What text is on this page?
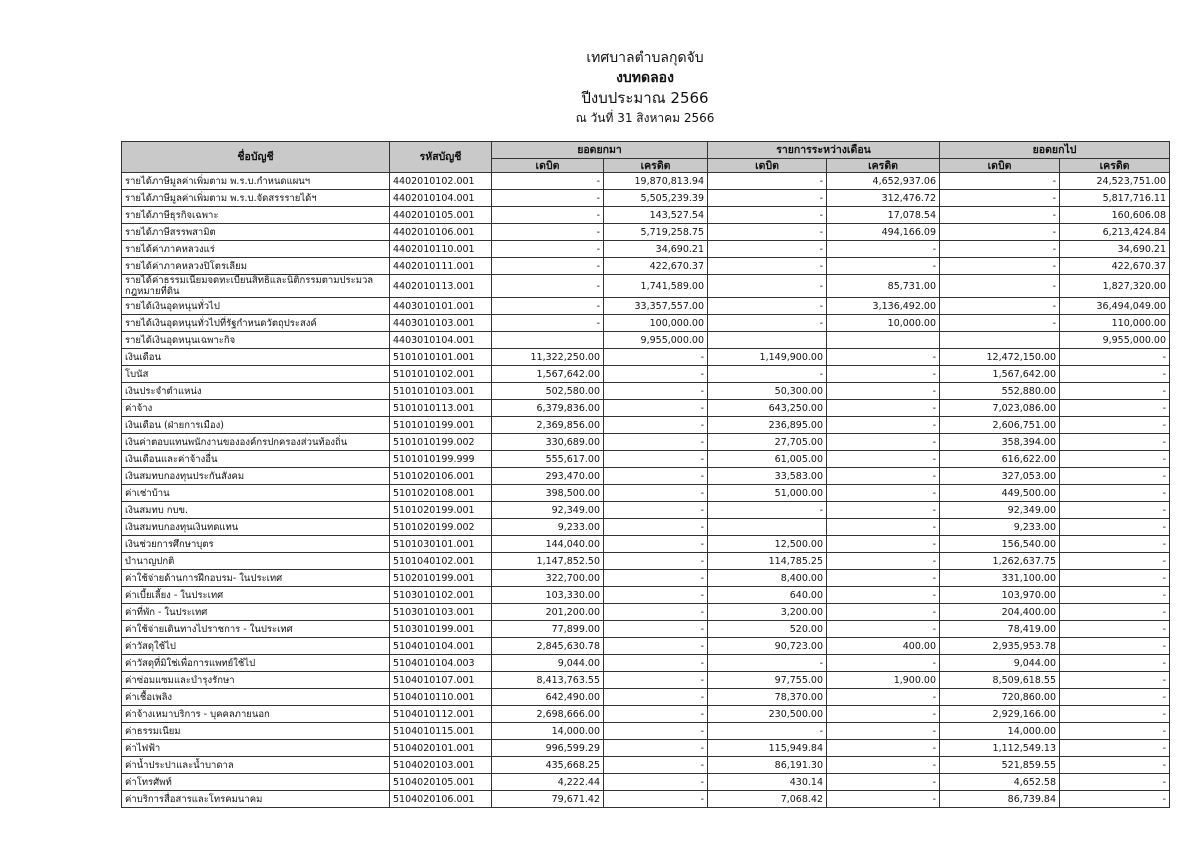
เทศบาลตำบลกุดจับ
งบทดลอง
ปีงบประมาณ 2566
ณ วันที่ 31 สิงหาคม 2566
ชื่อบัญชี	รหัสบัญชี	ยอดยกมา		รายการระหว่างเดือน		ยอดยกไป	
		เดบิต	เครดิต	เดบิต	เครดิต	เดบิต	เครดิต
รายได้ภาษีมูลค่าเพิ่มตาม พ.ร.บ.กำหนดแผนฯ	4402010102.001	-	19,870,813.94	-	4,652,937.06	-	24,523,751.00
รายได้ภาษีมูลค่าเพิ่มตาม พ.ร.บ.จัดสรรรายได้ฯ	4402010104.001	-	5,505,239.39	-	312,476.72	-	5,817,716.11
รายได้ภาษีธุรกิจเฉพาะ	4402010105.001	-	143,527.54	-	17,078.54	-	160,606.08
รายได้ภาษีสรรพสามิต	4402010106.001	-	5,719,258.75	-	494,166.09	-	6,213,424.84
รายได้ค่าภาคหลวงแร่	4402010110.001	-	34,690.21	-	-	-	34,690.21
รายได้ค่าภาคหลวงปิโตรเลียม	4402010111.001	-	422,670.37	-	-	-	422,670.37
รายได้ค่าธรรมเนียมจดทะเบียนสิทธิและนิติกรรมตามประมวลกฎหมายที่ดิน	4402010113.001	-	1,741,589.00	-	85,731.00	-	1,827,320.00
รายได้เงินอุดหนุนทั่วไป	4403010101.001	-	33,357,557.00	-	3,136,492.00	-	36,494,049.00
รายได้เงินอุดหนุนทั่วไปที่รัฐกำหนดวัตถุประสงค์	4403010103.001	-	100,000.00	-	10,000.00	-	110,000.00
รายได้เงินอุดหนุนเฉพาะกิจ	4403010104.001		9,955,000.00				9,955,000.00
เงินเดือน	5101010101.001	11,322,250.00	-	1,149,900.00	-	12,472,150.00	-
โบนัส	5101010102.001	1,567,642.00	-	-	-	1,567,642.00	-
เงินประจำตำแหน่ง	5101010103.001	502,580.00	-	50,300.00	-	552,880.00	-
ค่าจ้าง	5101010113.001	6,379,836.00	-	643,250.00	-	7,023,086.00	-
เงินเดือน (ฝ่ายการเมือง)	5101010199.001	2,369,856.00	-	236,895.00	-	2,606,751.00	-
เงินค่าตอบแทนพนักงานขององค์กรปกครองส่วนท้องถิ่น	5101010199.002	330,689.00	-	27,705.00	-	358,394.00	-
เงินเดือนและค่าจ้างอื่น	5101010199.999	555,617.00	-	61,005.00	-	616,622.00	-
เงินสมทบกองทุนประกันสังคม	5101020106.001	293,470.00	-	33,583.00	-	327,053.00	-
ค่าเช่าบ้าน	5101020108.001	398,500.00	-	51,000.00	-	449,500.00	-
เงินสมทบ กบข.	5101020199.001	92,349.00	-	-	-	92,349.00	-
เงินสมทบกองทุนเงินทดแทน	5101020199.002	9,233.00	-		-	9,233.00	-
เงินช่วยการศึกษาบุตร	5101030101.001	144,040.00	-	12,500.00	-	156,540.00	-
บำนาญปกติ	5101040102.001	1,147,852.50	-	114,785.25	-	1,262,637.75	-
ค่าใช้จ่ายด้านการฝึกอบรม- ในประเทศ	5102010199.001	322,700.00	-	8,400.00	-	331,100.00	-
ค่าเบี้ยเลี้ยง - ในประเทศ	5103010102.001	103,330.00	-	640.00	-	103,970.00	-
ค่าที่พัก - ในประเทศ	5103010103.001	201,200.00	-	3,200.00	-	204,400.00	-
ค่าใช้จ่ายเดินทางไปราชการ - ในประเทศ	5103010199.001	77,899.00	-	520.00	-	78,419.00	-
ค่าวัสดุใช้ไป	5104010104.001	2,845,630.78	-	90,723.00	400.00	2,935,953.78	-
ค่าวัสดุที่มิใช่เพื่อการแพทย์ใช้ไป	5104010104.003	9,044.00	-	-	-	9,044.00	-
ค่าซ่อมแซมและบำรุงรักษา	5104010107.001	8,413,763.55	-	97,755.00	1,900.00	8,509,618.55	-
ค่าเชื้อเพลิง	5104010110.001	642,490.00	-	78,370.00	-	720,860.00	-
ค่าจ้างเหมาบริการ - บุคคลภายนอก	5104010112.001	2,698,666.00	-	230,500.00	-	2,929,166.00	-
ค่าธรรมเนียม	5104010115.001	14,000.00	-	-	-	14,000.00	-
ค่าไฟฟ้า	5104020101.001	996,599.29	-	115,949.84	-	1,112,549.13	-
ค่าน้ำประปาและน้ำบาดาล	5104020103.001	435,668.25	-	86,191.30	-	521,859.55	-
ค่าโทรศัพท์	5104020105.001	4,222.44	-	430.14	-	4,652.58	-
ค่าบริการสื่อสารและโทรคมนาคม	5104020106.001	79,671.42	-	7,068.42	-	86,739.84	-
